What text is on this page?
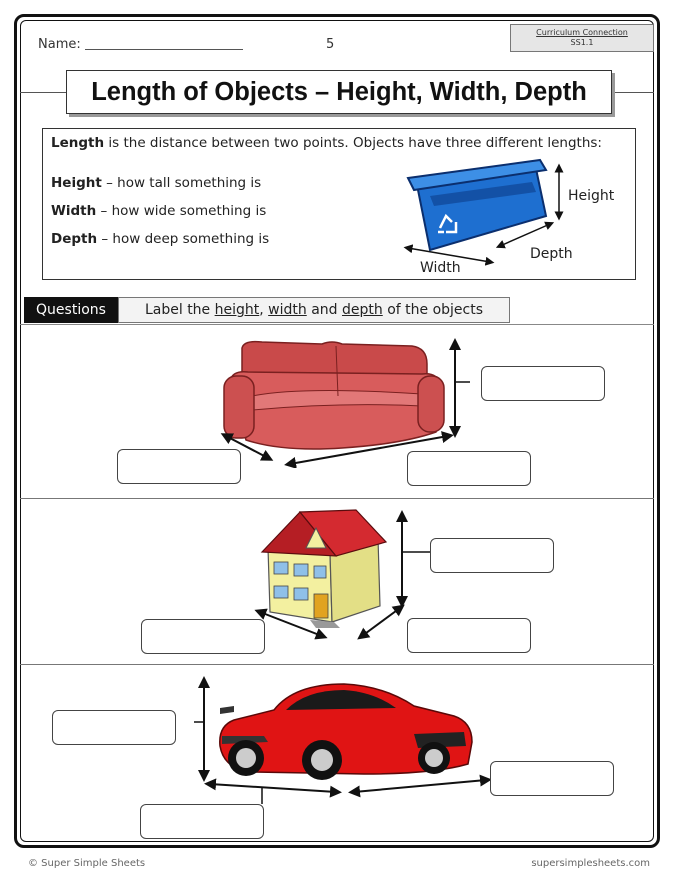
Name:	5
Curriculum Connection
SS1.1
Length of Objects – Height, Width, Depth
Length is the distance between two points. Objects have three different lengths:
Height – how tall something is
Width – how wide something is
Depth – how deep something is
Height
Depth
Width
Questions	Label the height, width and depth of the objects
© Super Simple Sheets	supersimplesheets.com
